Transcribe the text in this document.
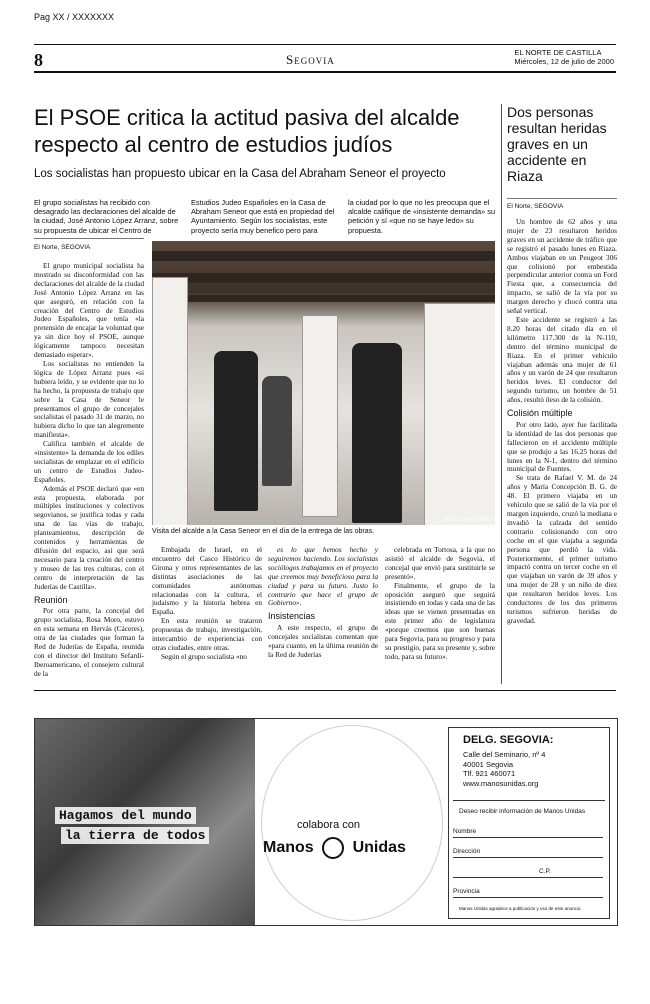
Pag XX / XXXXXXX
8	Segovia	EL NORTE DE CASTILLA
Miércoles, 12 de julio de 2000
El PSOE critica la actitud pasiva del alcalde respecto al centro de estudios judíos
Los socialistas han propuesto ubicar en la Casa del Abraham Seneor el proyecto
El grupo socialistas ha recibido con desagrado las declaraciones del alcalde de la ciudad, José Antonio López Arranz, sobre su propuesta de ubicar el Centro de
Estudios Judeo Españoles en la Casa de Abraham Seneor que está en propiedad del Ayuntamiento. Según los socialistas, este proyecto sería muy benefico pero para
la ciudad por lo que no les preocupa que el alcalde califique de «insistente demanda» su petición y sí «que no se haye ledo» su propuesta.
El Norte, SEGOVIA

El grupo municipal socialista ha mostrado su disconformidad con las declaraciones del alcalde de la ciudad José Antonio López Arranz en las que aseguró, en relación con la creación del Centro de Estudios Judeo Españoles, que tenía «la pretensión de encajar la voluntad que ya sin dice hoy el PSOE, aunque lógicamente tampoco necesitan demasiado esperar».

Los socialistas no entienden la lógica de López Arranz pues «si hubiera leído, y se evidente que no lo ha hecho, la propuesta de trabajo que sobre la Casa de Seneor le presentamos el grupo de concejales socialistas el pasado 31 de marzo, no hubiera dicho lo que tan alegremente manifiesta».

Califica también el alcalde de «insistente» la demanda de los ediles socialistas de emplazar en el edificio un centro de Estudios Judeo-Españoles.

Además el PSOE declaró que «en esta propuesta, elaborada por múltiples instituciones y colectivos segovianos, se justifica todas y cada una de las vías de trabajo, planteamientos, descripción de contenidos y herramientas de difusión del espacio, así que será necesario para la creación del centro y museo de las tres culturas, con el centro de interpretación de las Juderías de Castilla».

Reunión

Por otra parte, la concejal del grupo socialista, Rosa Moro, estuvo en esta semana en Hervás (Cáceres), otra de las ciudades que forman la Red de Juderías de España, reunida con el director del Instituto Sefardí-Iberoamericano, el consejero cultural de la

AYUSO / ANTONIO
Visita del alcalde a la Casa Seneor en el día de la entrega de las obras.

Embajada de Israel, en el encuentro del Casco Histórico de Girona y otros representantes de las distintas asociaciones de las comunidades autónomas relacionadas con la cultura, el judaísmo y la historia hebrea en España.

En esta reunión se trataron propuestas de trabajo, investigación, intercambio de experiencias con otras ciudades, entre otras.

Según el grupo socialista «no

es lo que hemos hecho y seguiremos haciendo. Los socialistas sociólogos trabajamos en el proyecto que creemos muy beneficioso para la ciudad y para su futuro. Justo lo contrario que hace el grupo de Gobierno».

Insistencias

A este respecto, el grupo de concejales socialistas comentan que «para cuanto, en la última reunión de la Red de Juderías

celebrada en Tortosa, a la que no asistió el alcalde de Segovia, el concejal que envió para sustituirle se presentó».

Finalmente, el grupo de la oposición aseguró que seguirá insistiendo en todas y cada una de las ideas que se vienen presentadas en este primer año de legislatura «porque creemos que son buenas para Segovia, para su progreso y para su prestigio, para su presente y, sobre todo, para su futuro».

Dos personas resultan heridas graves en un accidente en Riaza
El Norte, SEGOVIA

Un hombre de 62 años y una mujer de 23 resultaron heridos graves en un accidente de tráfico que se registró el pasado lunes en Riaza. Ambos viajaban en un Peugeot 306 que colisionó por embestida perpendicular anterior contra un Ford Fiesta que, a consecuencia del impacto, se salió de la vía por su margen derecho y chocó contra una señal vertical.

Este accidente se registró a las 8.20 horas del citado día en el kilómetro 117.300 de la N-110, dentro del término municipal de Riaza. En el primer vehículo viajaban además una mujer de 61 años y un varón de 24 que resultaron heridos leves. El conductor del segundo turismo, un hombre de 51 años, resultó ileso de la colisión.

Colisión múltiple

Por otro lado, ayer fue facilitada la identidad de las dos personas que fallecieron en el accidente múltiple que se produjo a las 16.25 horas del lunes en la N-1, dentro del término municipal de Fuentes.

Se trata de Rafael V. M. de 24 años y María Concepción B. G. de 48. El primero viajaba en un vehículo que se salió de la vía por el margen izquierdo, cruzó la mediana e invadió la calzada del sentido contrario colisionando con otro coche en el que viajaba a segunda persona que perdió la vida. Posteriormente, el primer turismo impactó contra un tercer coche en el que viajaban un varón de 39 años y una mujer de 28 y un niño de diez que resultaron heridos leves. Los conductores de los dos primeros turismos sufrieron heridas de gravedad.

Hagamos del mundo
la tierra de todos
colabora con
Manos Unidas
DELG. SEGOVIA:
Calle del Seminario, nº 4
40001 Segovia
Tlf. 921 460071
www.manosunidas.org
Deseo recibir información de Manos Unidas
Nombre
Dirección
C.P.
Provincia
Manos Unidas agradece a publicación y uso de este anuncio.
